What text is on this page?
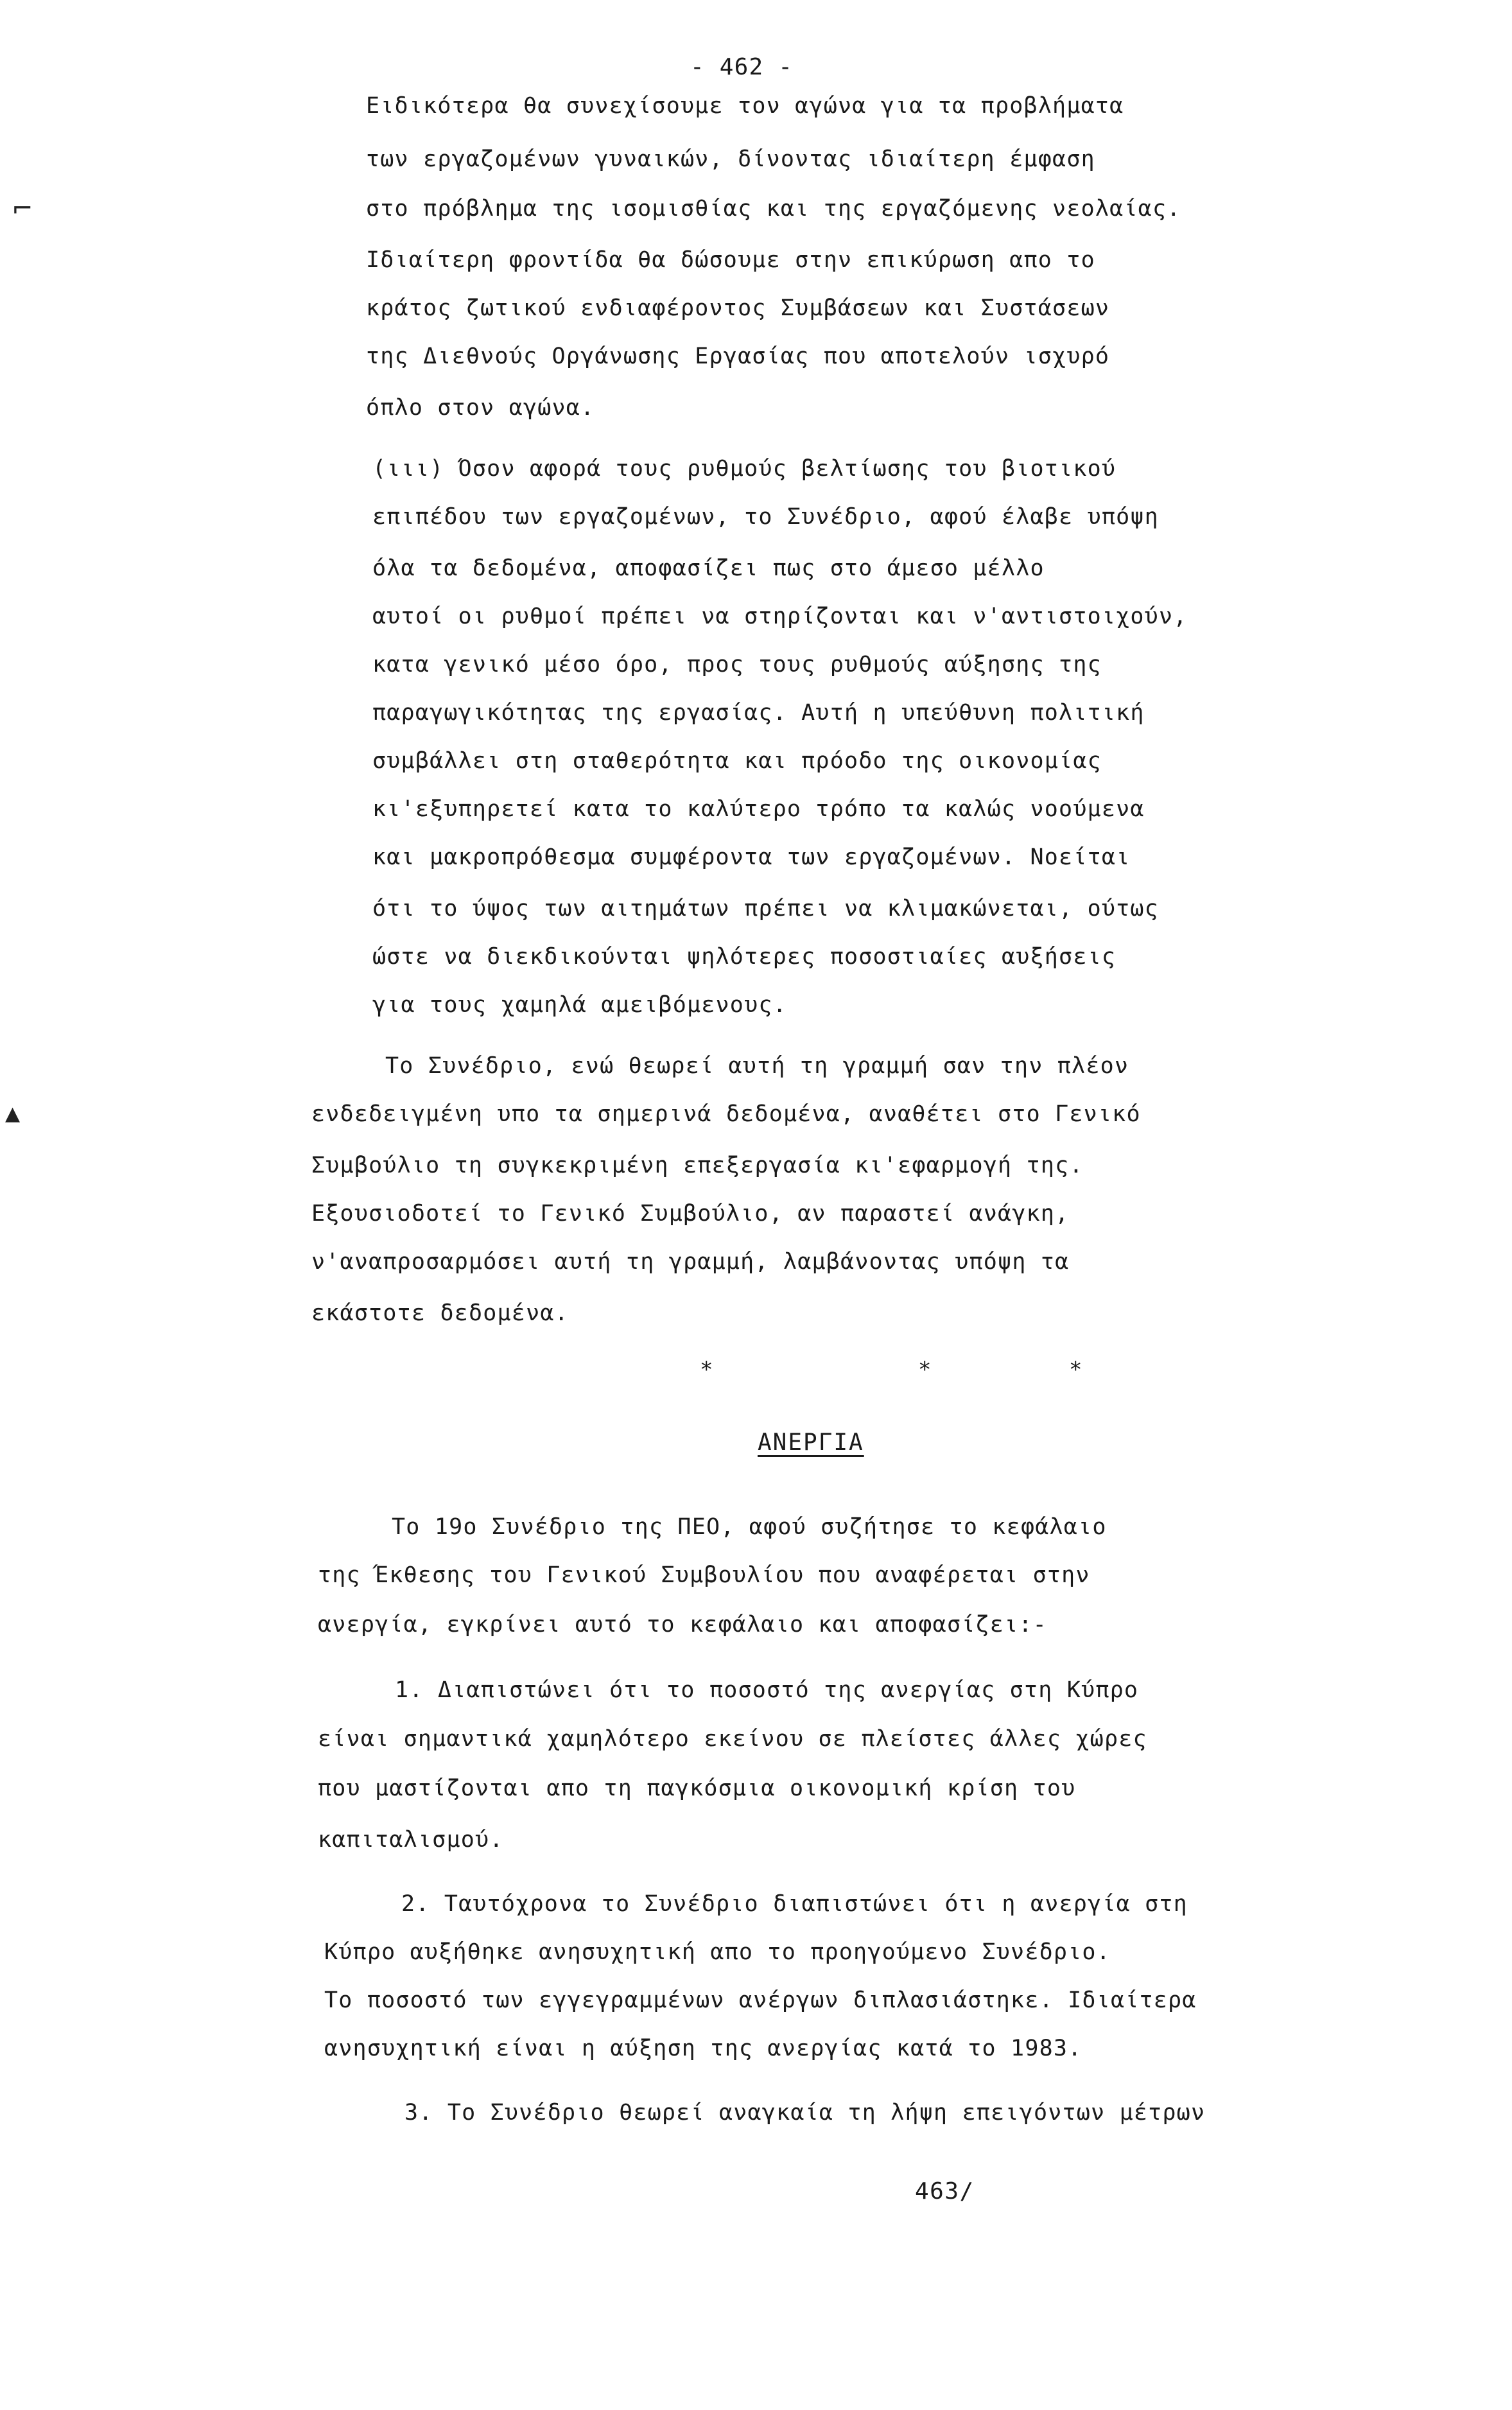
⌐
▲
- 462 -
Ειδικότερα θα συνεχίσουμε τον αγώνα για τα προβλήματα
των εργαζομένων γυναικών, δίνοντας ιδιαίτερη έμφαση
στο πρόβλημα της ισομισθίας και της εργαζόμενης νεολαίας.
Ιδιαίτερη φροντίδα θα δώσουμε στην επικύρωση απο το
κράτος ζωτικού ενδιαφέροντος Συμβάσεων και Συστάσεων
της Διεθνούς Οργάνωσης Εργασίας που αποτελούν ισχυρό
όπλο στον αγώνα.
(ιιι) Όσον αφορά τους ρυθμούς βελτίωσης του βιοτικού
επιπέδου των εργαζομένων, το Συνέδριο, αφού έλαβε υπόψη
όλα τα δεδομένα, αποφασίζει πως στο άμεσο μέλλο
αυτοί οι ρυθμοί πρέπει να στηρίζονται και ν'αντιστοιχούν,
κατα γενικό μέσο όρο, προς τους ρυθμούς αύξησης της
παραγωγικότητας της εργασίας. Αυτή η υπεύθυνη πολιτική
συμβάλλει στη σταθερότητα και πρόοδο της οικονομίας
κι'εξυπηρετεί κατα το καλύτερο τρόπο τα καλώς νοούμενα
και μακροπρόθεσμα συμφέροντα των εργαζομένων. Νοείται
ότι το ύψος των αιτημάτων πρέπει να κλιμακώνεται, ούτως
ώστε να διεκδικούνται ψηλότερες ποσοστιαίες αυξήσεις
για τους χαμηλά αμειβόμενους.
Το Συνέδριο, ενώ θεωρεί αυτή τη γραμμή σαν την πλέον
ενδεδειγμένη υπο τα σημερινά δεδομένα, αναθέτει στο Γενικό
Συμβούλιο τη συγκεκριμένη επεξεργασία κι'εφαρμογή της.
Εξουσιοδοτεί το Γενικό Συμβούλιο, αν παραστεί ανάγκη,
ν'αναπροσαρμόσει αυτή τη γραμμή, λαμβάνοντας υπόψη τα
εκάστοτε δεδομένα.
*	*	*
ΑΝΕΡΓΙΑ
Το 19ο Συνέδριο της ΠΕΟ, αφού συζήτησε το κεφάλαιο
της Έκθεσης του Γενικού Συμβουλίου που αναφέρεται στην
ανεργία, εγκρίνει αυτό το κεφάλαιο και αποφασίζει:-
1. Διαπιστώνει ότι το ποσοστό της ανεργίας στη Κύπρο
είναι σημαντικά χαμηλότερο εκείνου σε πλείστες άλλες χώρες
που μαστίζονται απο τη παγκόσμια οικονομική κρίση του
καπιταλισμού.
2. Ταυτόχρονα το Συνέδριο διαπιστώνει ότι η ανεργία στη
Κύπρο αυξήθηκε ανησυχητική απο το προηγούμενο Συνέδριο.
Το ποσοστό των εγγεγραμμένων ανέργων διπλασιάστηκε. Ιδιαίτερα
ανησυχητική είναι η αύξηση της ανεργίας κατά το 1983.
3. Το Συνέδριο θεωρεί αναγκαία τη λήψη επειγόντων μέτρων
463/
